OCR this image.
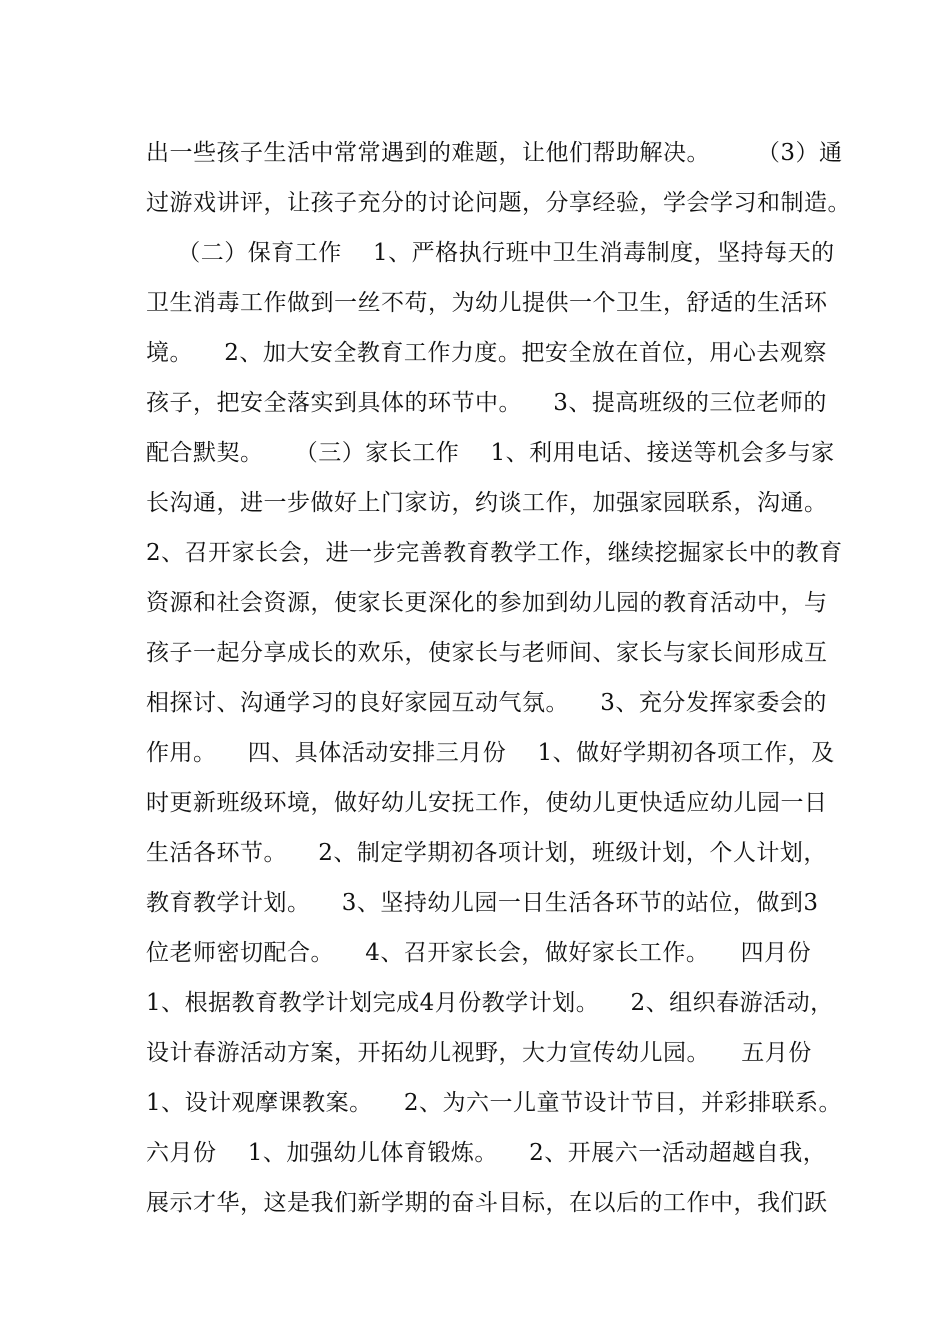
出一些孩子生活中常常遇到的难题，让他们帮助解决。      （3）通
过游戏讲评，让孩子充分的讨论问题，分享经验，学会学习和制造。
（二）保育工作    1、严格执行班中卫生消毒制度，坚持每天的
卫生消毒工作做到一丝不苟，为幼儿提供一个卫生，舒适的生活环
境。    2、加大安全教育工作力度。把安全放在首位，用心去观察
孩子，把安全落实到具体的环节中。    3、提高班级的三位老师的
配合默契。    （三）家长工作    1、利用电话、接送等机会多与家
长沟通，进一步做好上门家访，约谈工作，加强家园联系，沟通。
2、召开家长会，进一步完善教育教学工作，继续挖掘家长中的教育
资源和社会资源，使家长更深化的参加到幼儿园的教育活动中，与
孩子一起分享成长的欢乐，使家长与老师间、家长与家长间形成互
相探讨、沟通学习的良好家园互动气氛。    3、充分发挥家委会的
作用。    四、具体活动安排三月份    1、做好学期初各项工作，及
时更新班级环境，做好幼儿安抚工作，使幼儿更快适应幼儿园一日
生活各环节。    2、制定学期初各项计划，班级计划，个人计划，
教育教学计划。    3、坚持幼儿园一日生活各环节的站位，做到3
位老师密切配合。    4、召开家长会，做好家长工作。    四月份
1、根据教育教学计划完成4月份教学计划。    2、组织春游活动，
设计春游活动方案，开拓幼儿视野，大力宣传幼儿园。    五月份
1、设计观摩课教案。    2、为六一儿童节设计节目，并彩排联系。
六月份    1、加强幼儿体育锻炼。    2、开展六一活动超越自我，
展示才华，这是我们新学期的奋斗目标，在以后的工作中，我们跃
